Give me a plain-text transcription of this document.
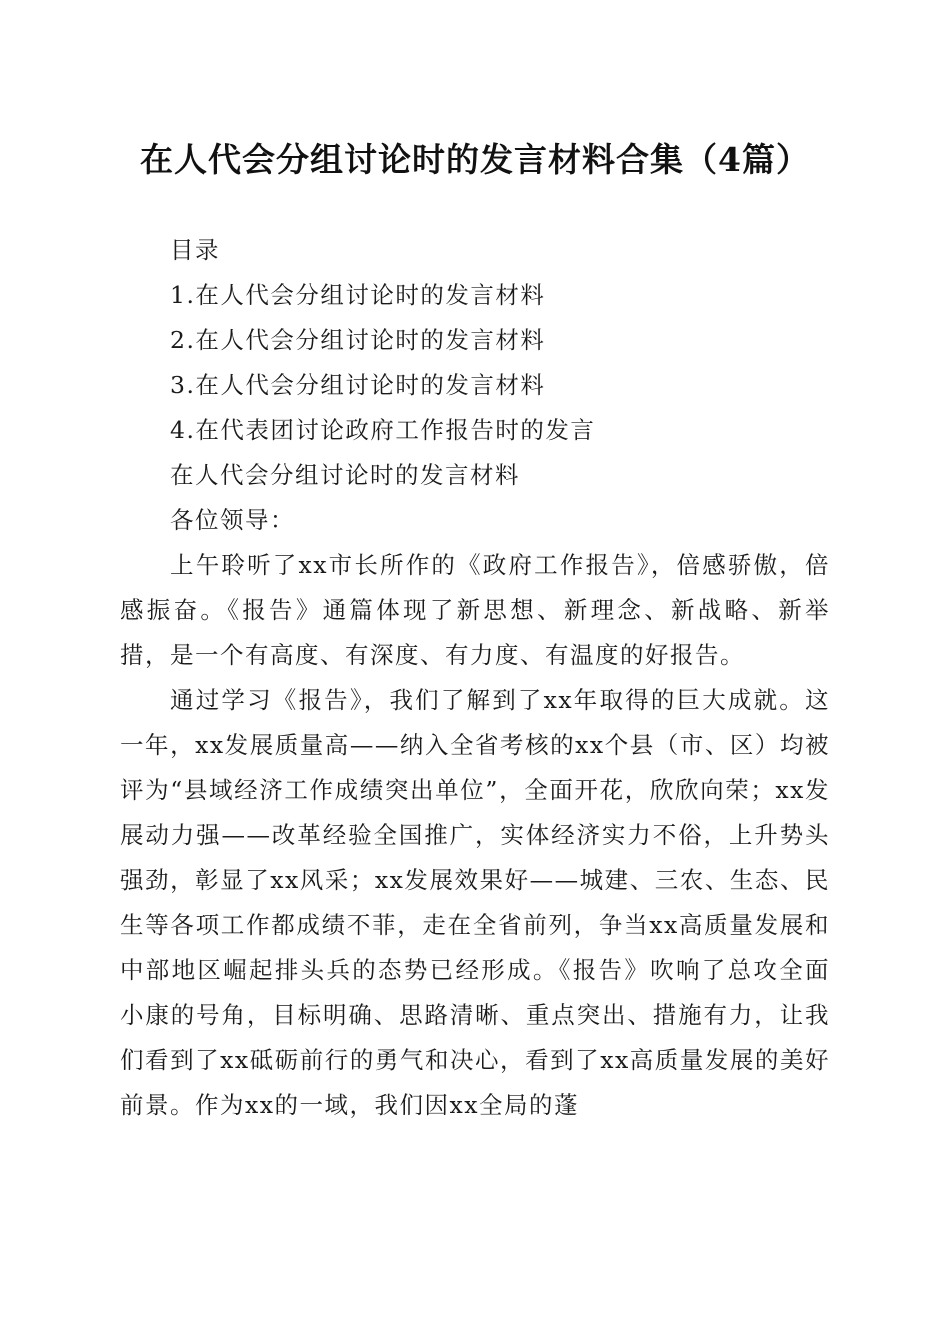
在人代会分组讨论时的发言材料合集（4篇）
目录
1.在人代会分组讨论时的发言材料
2.在人代会分组讨论时的发言材料
3.在人代会分组讨论时的发言材料
4.在代表团讨论政府工作报告时的发言
在人代会分组讨论时的发言材料
各位领导：

上午聆听了xx市长所作的《政府工作报告》，倍感骄傲，倍感振奋。《报告》通篇体现了新思想、新理念、新战略、新举措，是一个有高度、有深度、有力度、有温度的好报告。

通过学习《报告》，我们了解到了xx年取得的巨大成就。这一年，xx发展质量高——纳入全省考核的xx个县（市、区）均被评为“县域经济工作成绩突出单位”，全面开花，欣欣向荣；xx发展动力强——改革经验全国推广，实体经济实力不俗，上升势头强劲，彰显了xx风采；xx发展效果好——城建、三农、生态、民生等各项工作都成绩不菲，走在全省前列，争当xx高质量发展和中部地区崛起排头兵的态势已经形成。《报告》吹响了总攻全面小康的号角，目标明确、思路清晰、重点突出、措施有力，让我们看到了xx砥砺前行的勇气和决心，看到了xx高质量发展的美好前景。作为xx的一域，我们因xx全局的蓬
